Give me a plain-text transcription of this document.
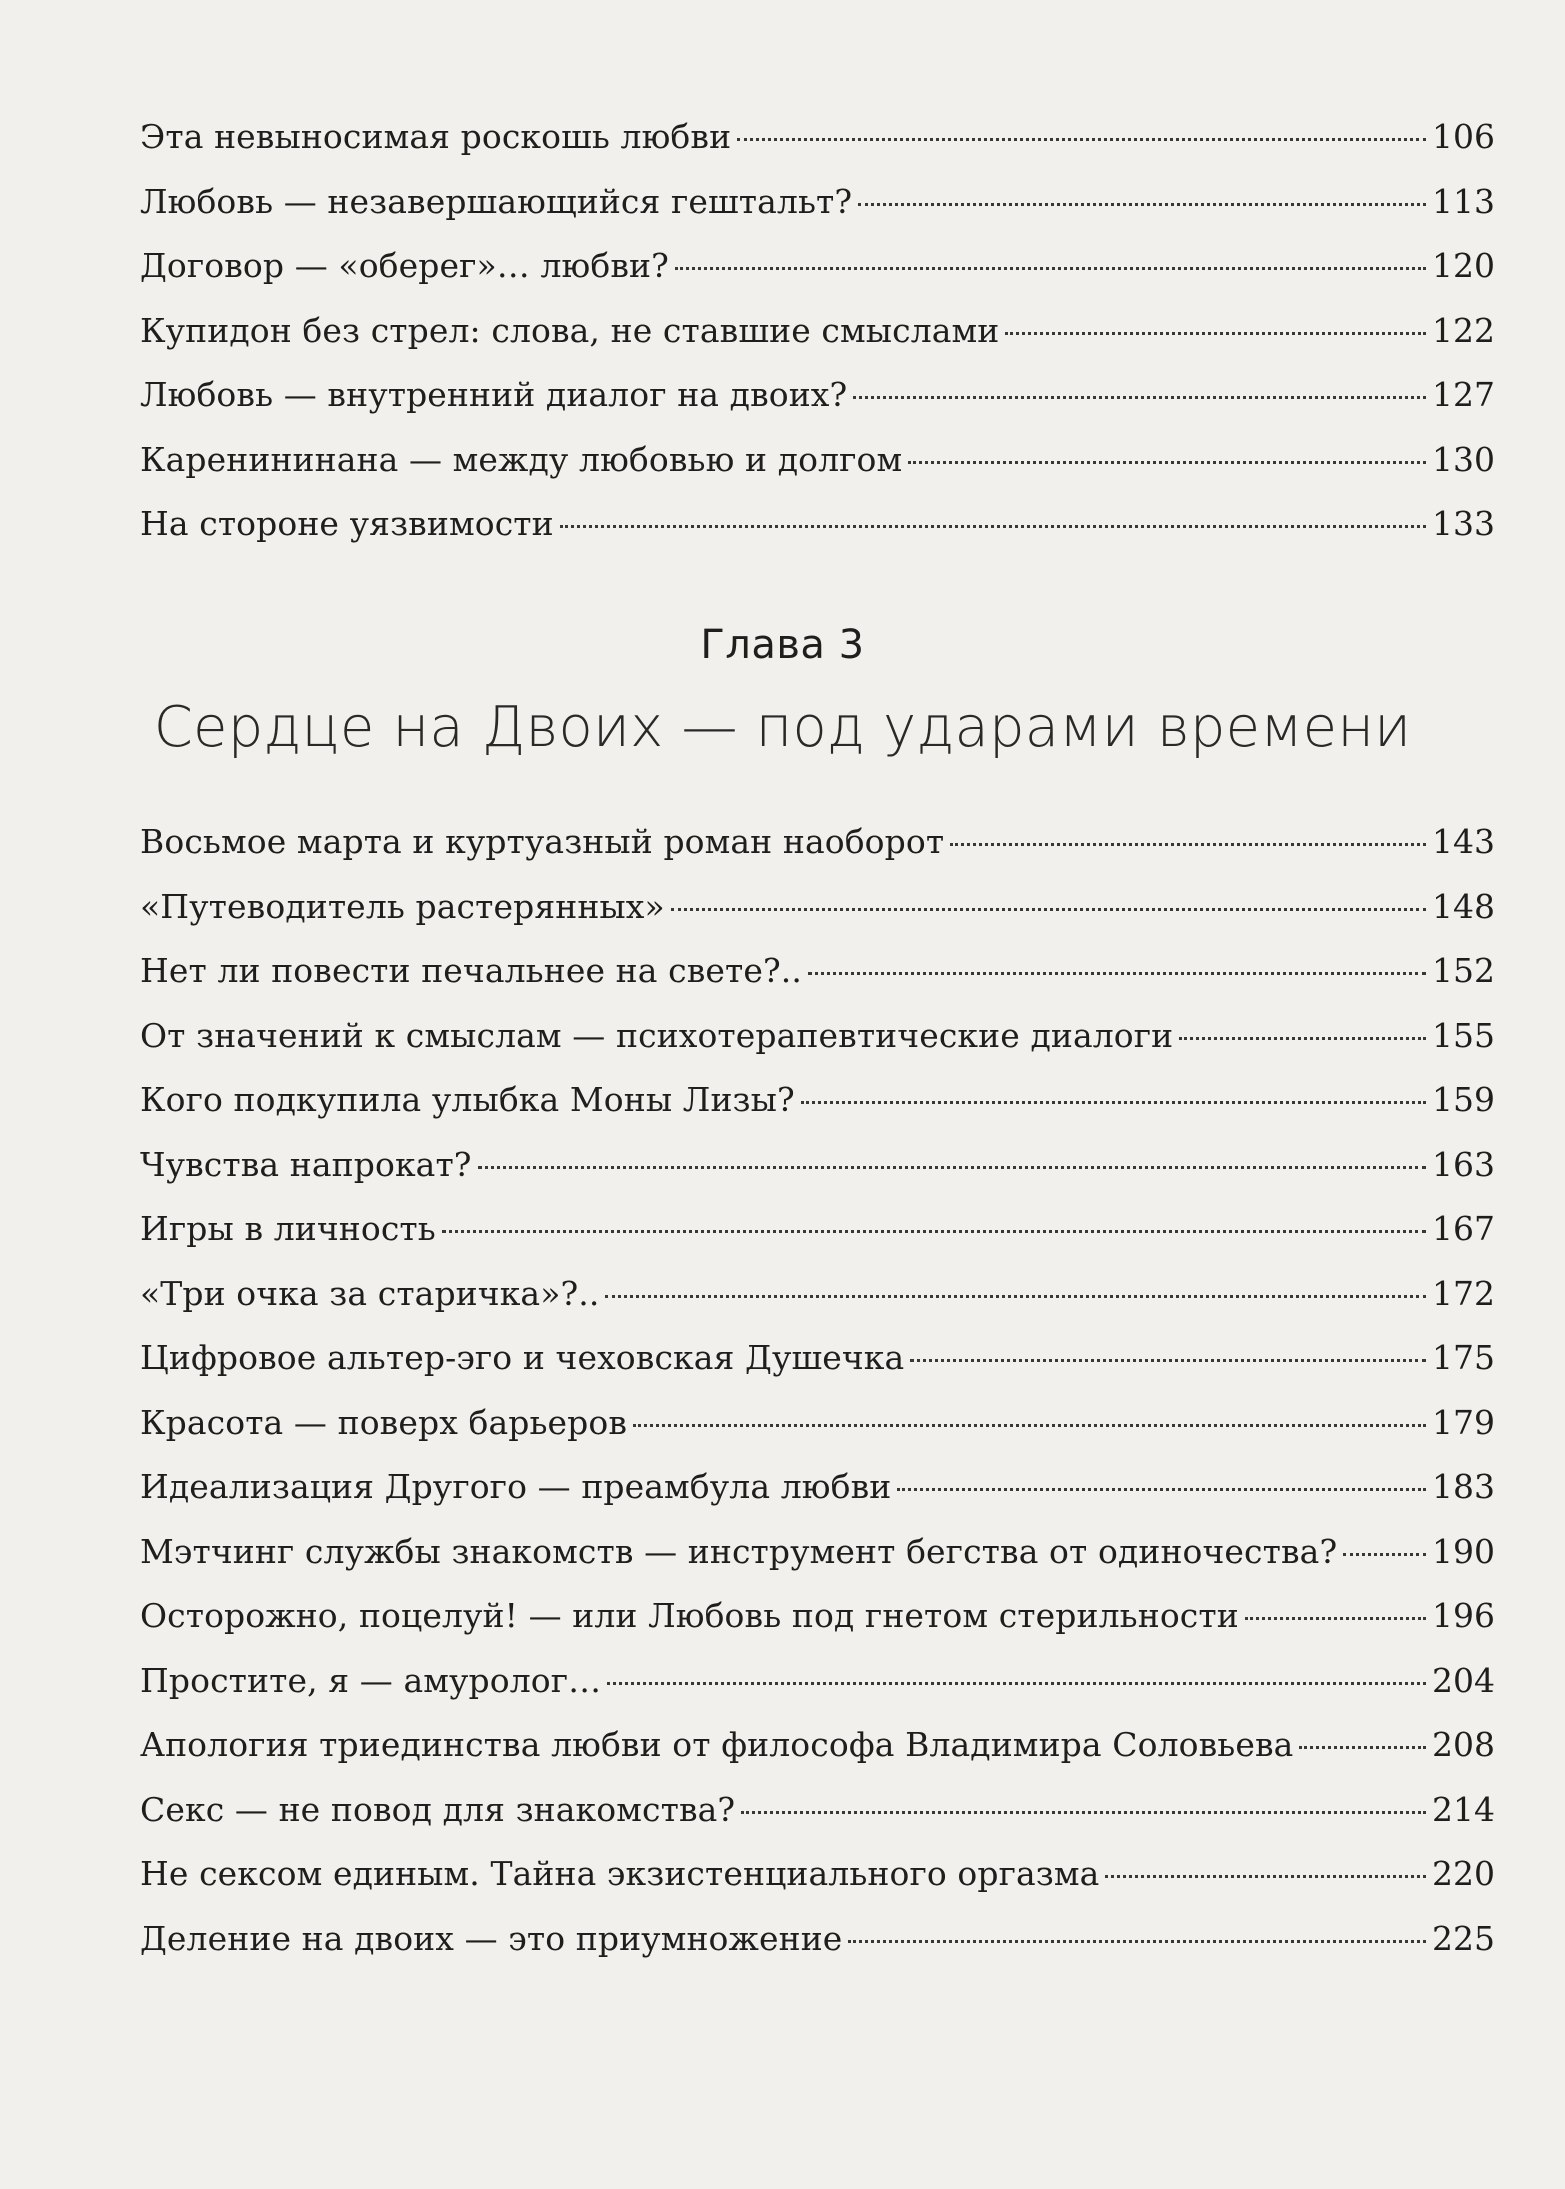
Эта невыносимая роскошь любви	106
Любовь — незавершающийся гештальт?	113
Договор — «оберег»… любви?	120
Купидон без стрел: слова, не ставшие смыслами	122
Любовь — внутренний диалог на двоих?	127
Каренининана — между любовью и долгом	130
На стороне уязвимости	133
Глава 3
Сердце на Двоих — под ударами времени
Восьмое марта и куртуазный роман наоборот	143
«Путеводитель растерянных»	148
Нет ли повести печальнее на свете?..	152
От значений к смыслам — психотерапевтические диалоги	155
Кого подкупила улыбка Моны Лизы?	159
Чувства напрокат?	163
Игры в личность	167
«Три очка за старичка»?..	172
Цифровое альтер-эго и чеховская Душечка	175
Красота — поверх барьеров	179
Идеализация Другого — преамбула любви	183
Мэтчинг службы знакомств — инструмент бегства от одиночества?	190
Осторожно, поцелуй! — или Любовь под гнетом стерильности	196
Простите, я — амуролог…	204
Апология триединства любви от философа Владимира Соловьева	208
Секс — не повод для знакомства?	214
Не сексом единым. Тайна экзистенциального оргазма	220
Деление на двоих — это приумножение	225
